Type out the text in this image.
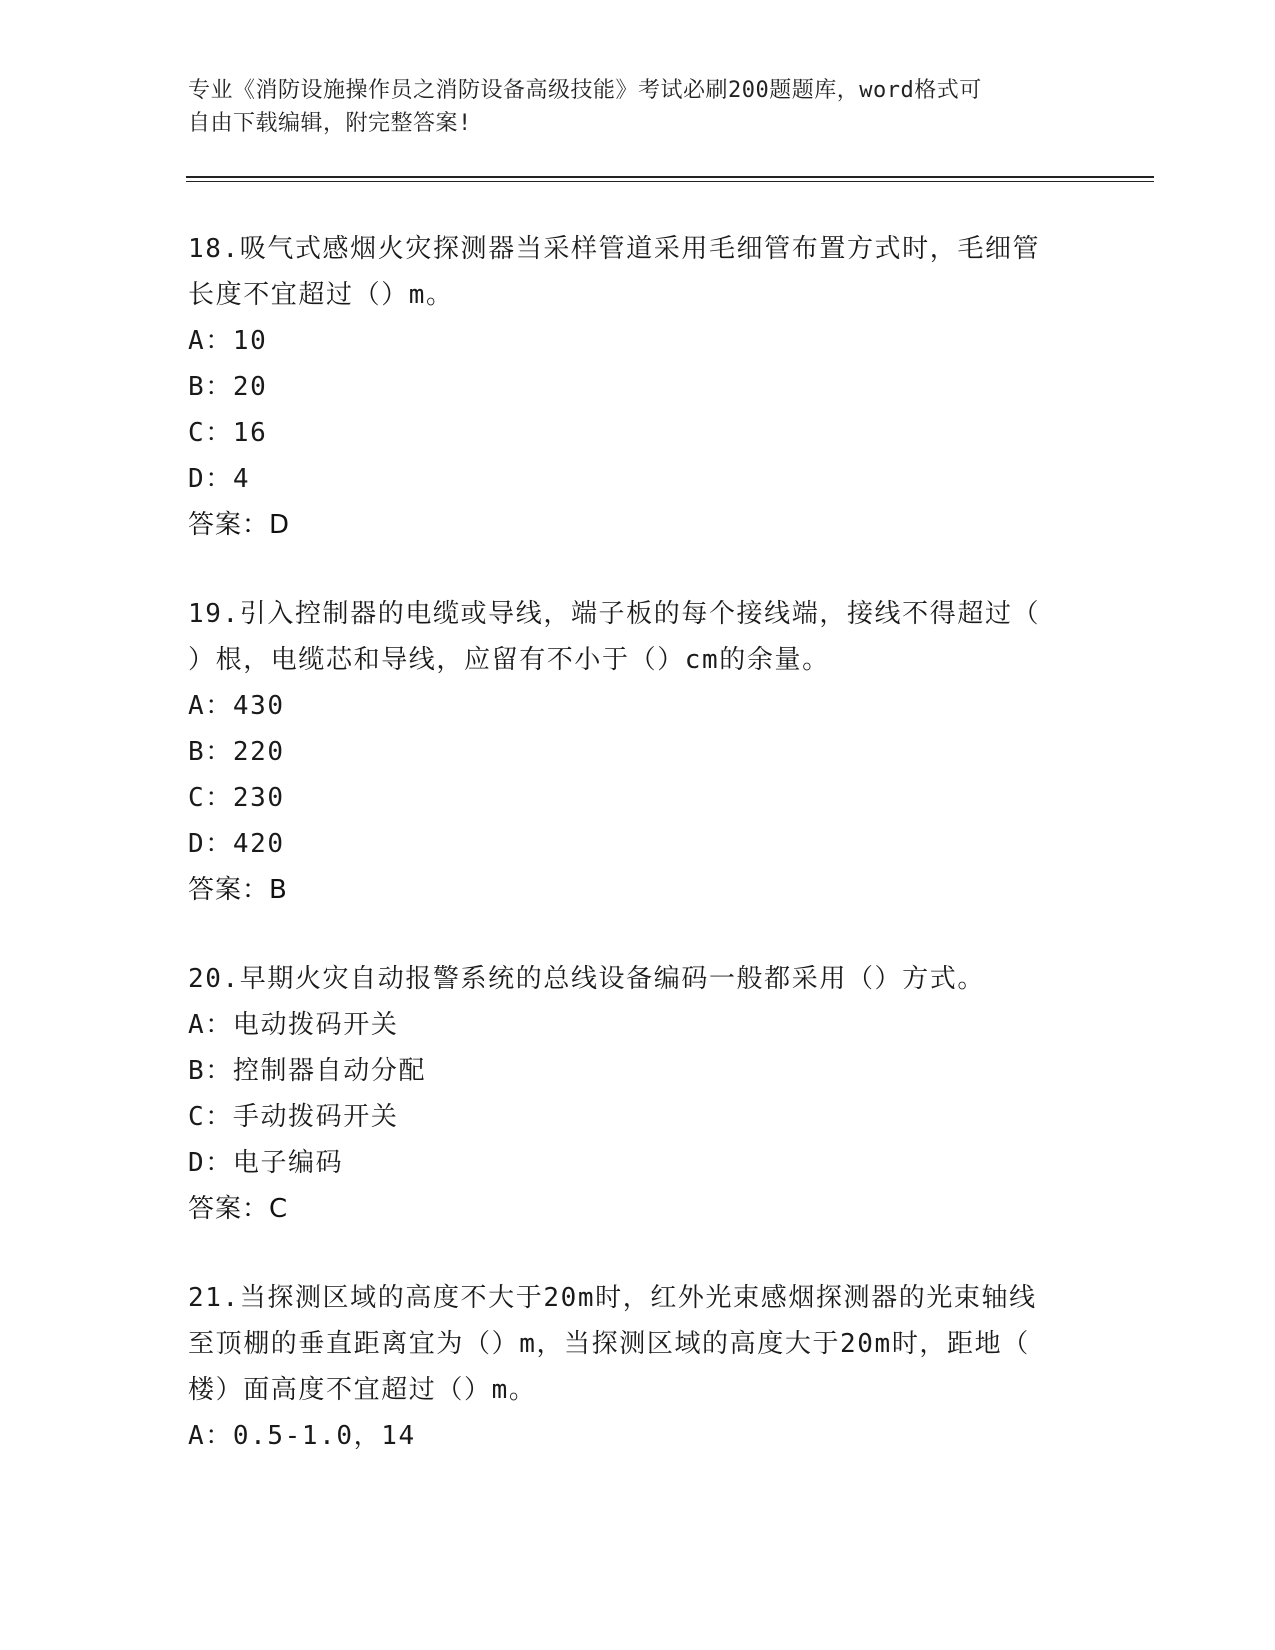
专业《消防设施操作员之消防设备高级技能》考试必刷200题题库，word格式可
自由下载编辑，附完整答案!
18.吸气式感烟火灾探测器当采样管道采用毛细管布置方式时，毛细管
长度不宜超过（）m。
A： 10
B： 20
C： 16
D： 4
答案：D
19.引入控制器的电缆或导线，端子板的每个接线端，接线不得超过（
）根，电缆芯和导线，应留有不小于（）cm的余量。
A： 430
B： 220
C： 230
D： 420
答案：B
20.早期火灾自动报警系统的总线设备编码一般都采用（）方式。
A： 电动拨码开关
B： 控制器自动分配
C： 手动拨码开关
D： 电子编码
答案：C
21.当探测区域的高度不大于20m时，红外光束感烟探测器的光束轴线
至顶棚的垂直距离宜为（）m，当探测区域的高度大于20m时，距地（
楼）面高度不宜超过（）m。
A： 0.5-1.0，14
